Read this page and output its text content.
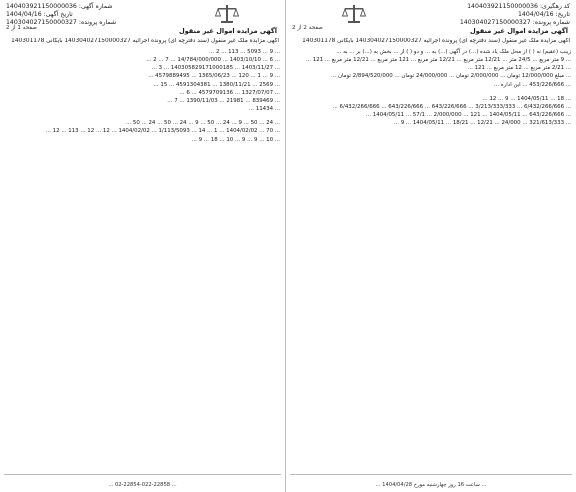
کد رهگیری: 140403921150000036
تاریخ: 1404/04/16
شماره پرونده: 140304027150000327
صفحه 2 از 2	آگهی مزایده اموال غیر منقول
آگهی مزایده ملک غیر منقول (سند دفترچه ای) پرونده اجرائیه 140304027150000327 بایگانی 140301178

زینب (عقیم) نه ( ) از محل ملک یاد شده (...) در آگهی (...) به ... و دو ( ) از ... بخش به (...) بر ... به ...

... 9 متر مربع ... 24/5 متر ... 12/21 متر مربع ... 12/21 متر مربع ... 121 متر مربع ... 12/21 متر مربع ... 121 ...

... 2/21 متر مربع ... 12 متر مربع ... 121 ...

... مبلغ 12/000/000 تومان ... 2/000/000 تومان ... 24/000/000 تومان ... 2/894/520/000 تومان ...

... 453/226/666 ... این اداره ...

... 18 ... 1404/05/11 ... 9 ... 12 ...

... 6/432/266/666 ... 3/213/333/333 ... 643/226/666 ... 643/226/666 ... 6/432/266/666 ...

... 643/226/666 ... 1404/05/11 ... 121 ... 2/000/000 ... 57/1 ... 1404/05/11 ...

... 321/613/333 ... 24/000 ... 12/21 ... 18/21 ... 1404/05/11 ... 9 ...

... ساعت 16 روز چهارشنبه مورخ 1404/04/28 ...
شماره آگهی: 140403921150000036
تاریخ آگهی: 1404/04/16
شماره پرونده: 140304027150000327
صفحه 1 از 2	آگهی مزایده اموال غیر منقول
آگهی مزایده ملک غیر منقول (سند دفترچه ای) پرونده اجرائیه 140304027150000327 بایگانی 140301178

... 9 ... 5093 ... 113 ... 2 ...

... 6 ... 1403/10/10 ... 14/784/000/000 ... 7 ... 2 ...

... 1403/11/27 ... 140305829171000185 ... 3 ...

... 9 ... 1 ... 120 ... 1365/06/23 ... 4579889495 ...

... 2569 ... 1380/11/21 ... 4591304381 ... 15 ...

... 1327/07/07 ... 4579709136 ... 6 ...

... 839469 ... 21981 ... 1390/11/03 ... 7 ...

... 11434 ...

... 24 ... 50 ... 9 ... 24 ... 50 ... 9 ... 24 ... 50 ... 24 ... 50 ...

... 70 ... 1404/02/02 ... 1 ... 14 ... 1/113/5093 ... 1404/02/02 ... 12 ... 12 ... 113 ... 12 ...

... 10 ... 9 ... 9 ... 10 ... 18 ... 9 ...

... 02-22854-022-22858 ...
